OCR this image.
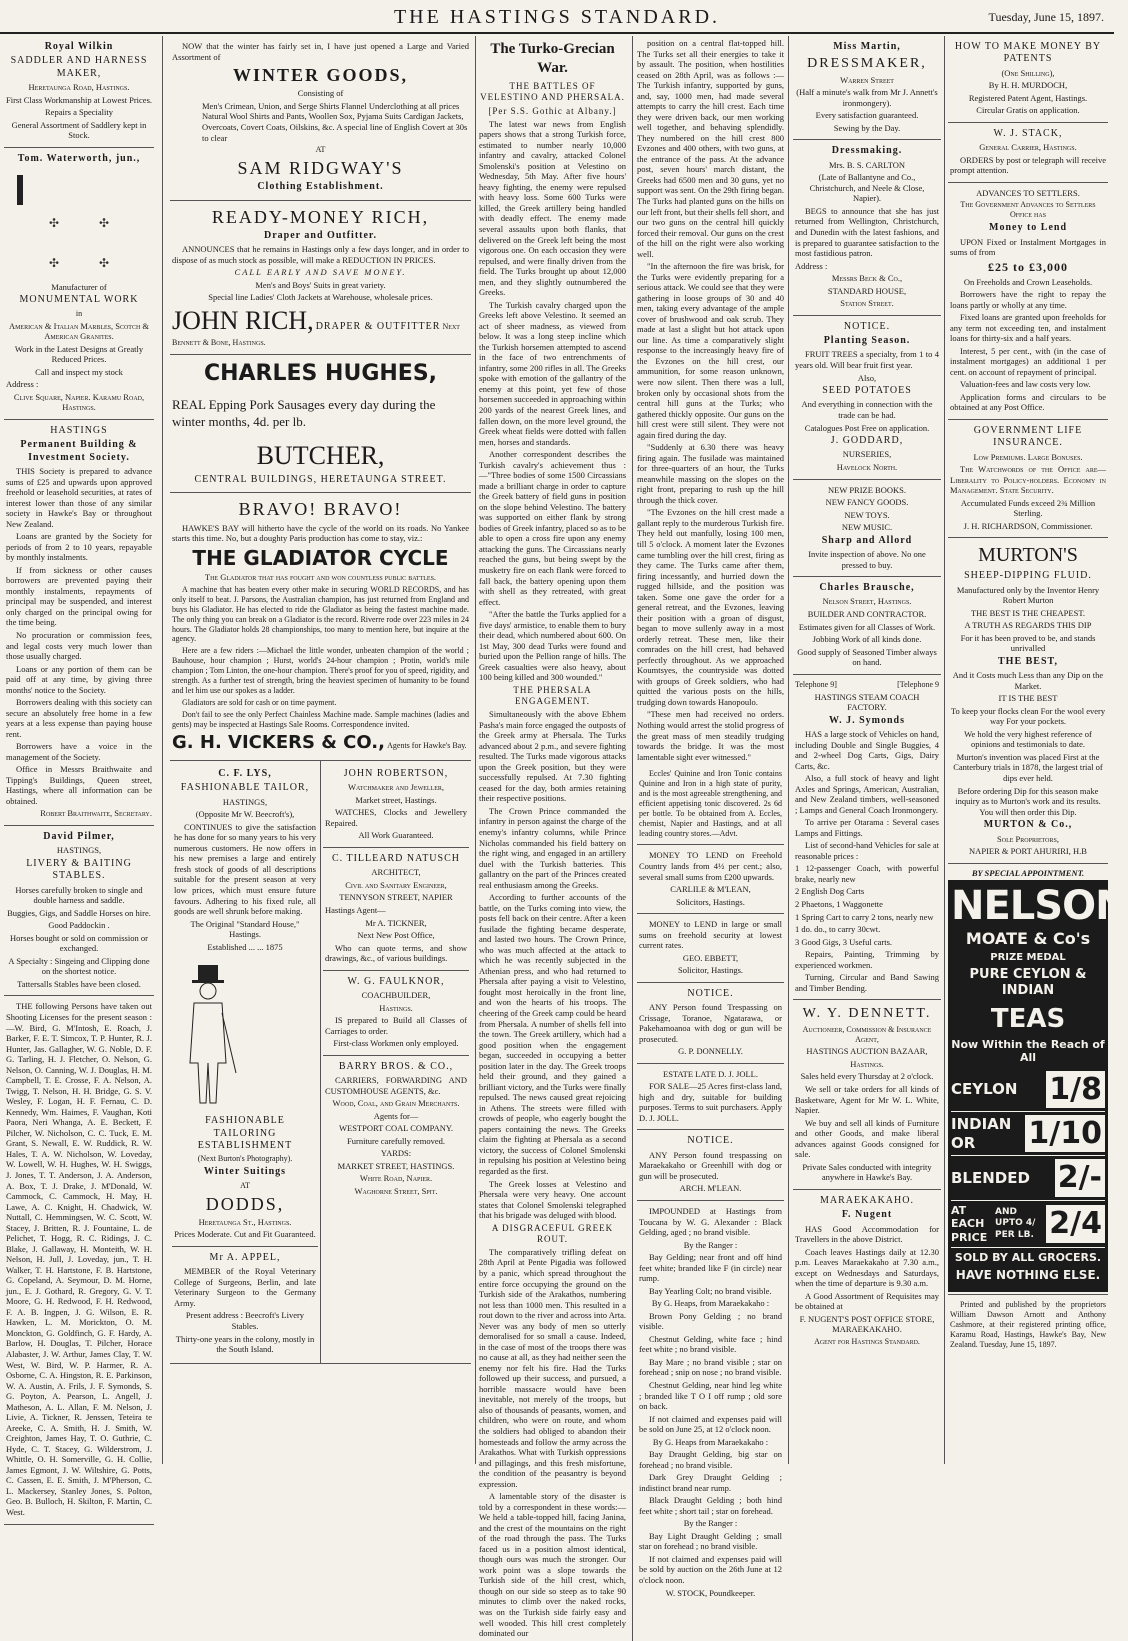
THE HASTINGS STANDARD.	Tuesday, June 15, 1897.

Royal Wilkin

SADDLER AND HARNESS MAKER,

Heretaunga Road, Hastings.

First Class Workmanship at Lowest Prices.

Repairs a Speciality

General Assortment of Saddlery kept in Stock.

Tom. Waterworth, jun.,

✣	✣
✣	✣

Manufacturer of

MONUMENTAL WORK

in

American & Italian Marbles, Scotch & American Granites.

Work in the Latest Designs at Greatly Reduced Prices.

Call and inspect my stock

Address :

Clive Square, Napier. Karamu Road, Hastings.

HASTINGS

Permanent Building & Investment Society.

THIS Society is prepared to advance sums of £25 and upwards upon approved freehold or leasehold securities, at rates of interest lower than those of any similar society in Hawke's Bay or throughout New Zealand.

Loans are granted by the Society for periods of from 2 to 10 years, repayable by monthly instalments.

If from sickness or other causes borrowers are prevented paying their monthly instalments, repayments of principal may be suspended, and interest only charged on the principal owing for the time being.

No procuration or commission fees, and legal costs very much lower than those usually charged.

Loans or any portion of them can be paid off at any time, by giving three months' notice to the Society.

Borrowers dealing with this society can secure an absolutely free home in a few years at a less expense than paying house rent.

Borrowers have a voice in the management of the Society.

Office in Messrs Braithwaite and Tipping's Buildings, Queen street, Hastings, where all information can be obtained.

Robert Braithwaite, Secretary.

David Pilmer,

HASTINGS,

LIVERY & BAITING STABLES.

Horses carefully broken to single and double harness and saddle.

Buggies, Gigs, and Saddle Horses on hire.

Good Paddockin .

Horses bought or sold on commission or exchanged.

A Specialty : Singeing and Clipping done on the shortest notice.

Tattersalls Stables have been closed.

THE following Persons have taken out Shooting Licenses for the present season :—W. Bird, G. M'Intosh, E. Roach, J. Barker, F. E. T. Simcox, T. P. Hunter, R. J. Hunter, Jas. Gallagher, W. G. Noble, D. F. G. Tarling, H. J. Fletcher, O. Nelson, G. Nelson, O. Canning, W. J. Douglas, H. M. Campbell, T. E. Crosse, F. A. Nelson, A. Twigg, T. Nelson, H. H. Bridge, G. S. V. Wesley, F. Logan, H. F. Fernau, C. D. Kennedy, Wm. Haimes, F. Vaughan, Koti Paora, Neri Whanga, A. E. Beckett, F. Pilcher, W. Nicholson, C. C. Tuck, E. M. Grant, S. Newall, E. W. Ruddick, R. W. Hales, T. A. W. Nicholson, W. Loveday, W. Lowell, W. H. Hughes, W. H. Swiggs, J. Jones, T. T. Anderson, J. A. Anderson, A. Box, T. J. Drake, J. M'Donald, W. Cammock, C. Cammock, H. May, H. Lawe, A. C. Knight, H. Chadwick, W. Nuttall, C. Hemmingsen, W. C. Scott, W. Stacey, J. Britten, R. J. Fountaine, L. de Pelichet, T. Hogg, R. C. Ridings, J. C. Blake, J. Gallaway, H. Monteith, W. H. Nelson, H. Jull, J. Loveday, jun., T. H. Walker, T. H. Hartstone, F. B. Hartstone, G. Copeland, A. Seymour, D. M. Horne, jun., E. J. Gothard, R. Gregory, G. V. T. Moore, G. H. Redwood, F. H. Redwood, F. A. B. Ingpen, J. G. Wilson, E. R. Hawken, L. M. Morickton, O. M. Monckton, G. Goldfinch, G. F. Hardy, A. Barlow, H. Douglas, T. Pilcher, Horace Alabaster, J. W. Arthur, James Clay, T. W. West, W. Bird, W. P. Harmer, R. A. Osborne, C. A. Hingston, R. E. Parkinson, W. A. Austin, A. Frils, J. F. Symonds, S. G. Poyton, A. Pearson, L. Angell, J. Matheson, A. L. Allan, F. M. Nelson, J. Livie, A. Tickner, R. Jenssen, Teteira te Areeke, C. A. Smith, H. J. Smith, W. Creighton, James Hay, T. O. Guthrie, C. Hyde, C. T. Stacey, G. Wilderstrom, J. Whittle, O. H. Somerville, G. H. Collie, James Egmont, J. W. Wiltshire, G. Potts, C. Cassen, E. E. Smith, J. M'Pherson, C. L. Mackersey, Stanley Jones, S. Polton, Geo. B. Bulloch, H. Skilton, F. Martin, C. West.

NOW that the winter has fairly set in, I have just opened a Large and Varied Assortment of

WINTER GOODS,

Consisting of

Men's Crimean, Union, and Serge Shirts Flannel Underclothing at all prices Natural Wool Shirts and Pants, Woollen Sox, Pyjama Suits Cardigan Jackets, Overcoats, Covert Coats, Oilskins, &c. A special line of English Covert at 30s to clear

AT

SAM RIDGWAY'S

Clothing Establishment.

READY-MONEY RICH,

Draper and Outfitter.

ANNOUNCES that he remains in Hastings only a few days longer, and in order to dispose of as much stock as possible, will make a REDUCTION IN PRICES.

CALL EARLY AND SAVE MONEY.

Men's and Boys' Suits in great variety.

Special line Ladies' Cloth Jackets at Warehouse, wholesale prices.

JOHN RICH, DRAPER & OUTFITTER Next Bennett & Bone, Hastings.

CHARLES HUGHES,

REAL Epping Pork Sausages every day during the winter months, 4d. per lb.

BUTCHER,

CENTRAL BUILDINGS, HERETAUNGA STREET.

BRAVO! BRAVO!

HAWKE'S BAY will hitherto have the cycle of the world on its roads. No Yankee starts this time. No, but a doughty Paris production has come to stay, viz.:

THE GLADIATOR CYCLE

The Gladiator that has fought and won countless public battles.

A machine that has beaten every other make in securing WORLD RECORDS, and has only itself to beat. J. Parsons, the Australian champion, has just returned from England and buys his Gladiator. He has elected to ride the Gladiator as being the fastest machine made. The only thing you can break on a Gladiator is the record. Riverre rode over 223 miles in 24 hours. The Gladiator holds 28 championships, too many to mention here, but inquire at the agency.

Here are a few riders :—Michael the little wonder, unbeaten champion of the world ; Bauhouse, hour champion ; Hurst, world's 24-hour champion ; Protin, world's mile champion ; Tom Linton, the one-hour champion. There's proof for you of speed, rigidity, and strength. As a further test of strength, bring the heaviest specimen of humanity to be found and let him use our spokes as a ladder.

Gladiators are sold for cash or on time payment.

Don't fail to see the only Perfect Chainless Machine made. Sample machines (ladies and gents) may be inspected at Hastings Sale Rooms. Correspondence invited.

G. H. VICKERS & CO., Agents for Hawke's Bay.

C. F. LYS,

FASHIONABLE TAILOR,

HASTINGS,

(Opposite Mr W. Beecroft's),

CONTINUES to give the satisfaction he has done for so many years to his very numerous customers. He now offers in his new premises a large and entirely fresh stock of goods of all descriptions suitable for the present season at very low prices, which must ensure future favours. Adhering to his fixed rule, all goods are well shrunk before making.

The Original "Standard House," Hastings.

Established ... ... 1875

FASHIONABLE TAILORING ESTABLISHMENT

(Next Burton's Photography).

Winter Suitings

AT

DODDS,

Heretaunga St., Hastings.

Prices Moderate. Cut and Fit Guaranteed.

Mr A. APPEL,

MEMBER of the Royal Veterinary College of Surgeons, Berlin, and late Veterinary Surgeon to the Germany Army.

Present address : Beecroft's Livery Stables.

Thirty-one years in the colony, mostly in the South Island.

JOHN ROBERTSON,

Watchmaker and Jeweller,

Market street, Hastings.

WATCHES, Clocks and Jewellery Repaired.

All Work Guaranteed.

C. TILLEARD NATUSCH

ARCHITECT,

Civil and Sanitary Engineer,

TENNYSON STREET, NAPIER

Hastings Agent—

Mr A. TICKNER,

Next New Post Office,

Who can quote terms, and show drawings, &c., of various buildings.

W. G. FAULKNOR,

COACHBUILDER,

Hastings.

IS prepared to Build all Classes of Carriages to order.

First-class Workmen only employed.

BARRY BROS. & CO.,

CARRIERS, FORWARDING AND CUSTOMHOUSE AGENTS, &c.

Wood, Coal, and Grain Merchants.

Agents for—

WESTPORT COAL COMPANY.

Furniture carefully removed.

YARDS:

MARKET STREET, HASTINGS.

White Road, Napier.

Waghorne Street, Spit.

The Turko-Grecian War.

THE BATTLES OF VELESTINO AND PHERSALA.

[Per S.S. Gothic at Albany.]

The latest war news from English papers shows that a strong Turkish force, estimated to number nearly 10,000 infantry and cavalry, attacked Colonel Smolenski's position at Velestino on Wednesday, 5th May. After five hours' heavy fighting, the enemy were repulsed with heavy loss. Some 600 Turks were killed, the Greek artillery being handled with deadly effect. The enemy made several assaults upon both flanks, that delivered on the Greek left being the most vigorous one. On each occasion they were repulsed, and were finally driven from the field. The Turks brought up about 12,000 men, and they slightly outnumbered the Greeks.

The Turkish cavalry charged upon the Greeks left above Velestino. It seemed an act of sheer madness, as viewed from below. It was a long steep incline which the Turkish horsemen attempted to ascend in the face of two entrenchments of infantry, some 200 rifles in all. The Greeks spoke with emotion of the gallantry of the enemy at this point, yet few of those horsemen succeeded in approaching within 200 yards of the nearest Greek lines, and fallen down, on the more level ground, the Greek wheat fields were dotted with fallen men, horses and standards.

Another correspondent describes the Turkish cavalry's achievement thus :—"Three bodies of some 1500 Circassians made a brilliant charge in order to capture the Greek battery of field guns in position on the slope behind Velestino. The battery was supported on either flank by strong bodies of Greek infantry, placed so as to be able to open a cross fire upon any enemy attacking the guns. The Circassians nearly reached the guns, but being swept by the musketry fire on each flank were forced to fall back, the battery opening upon them with shell as they retreated, with great effect.

"After the battle the Turks applied for a five days' armistice, to enable them to bury their dead, which numbered about 600. On 1st May, 300 dead Turks were found and buried upon the Pellion range of hills. The Greek casualties were also heavy, about 100 being killed and 300 wounded."

THE PHERSALA ENGAGEMENT.

Simultaneously with the above Ebhem Pasha's main force engaged the outposts of the Greek army at Phersala. The Turks advanced about 2 p.m., and severe fighting resulted. The Turks made vigorous attacks upon the Greek position, but they were successfully repulsed. At 7.30 fighting ceased for the day, both armies retaining their respective positions.

The Crown Prince commanded the infantry in person against the charge of the enemy's infantry columns, while Prince Nicholas commanded his field battery on the right wing, and engaged in an artillery duel with the Turkish batteries. This gallantry on the part of the Princes created real enthusiasm among the Greeks.

According to further accounts of the battle, on the Turks coming into view, the posts fell back on their centre. After a keen fusilade the fighting became desperate, and lasted two hours. The Crown Prince, who was much affected at the attack to which he was recently subjected in the Athenian press, and who had returned to Phersala after paying a visit to Velestino, fought most heroically in the front line, and won the hearts of his troops. The cheering of the Greek camp could be heard from Phersala. A number of shells fell into the town. The Greek artillery, which had a good position when the engagement began, succeeded in occupying a better position later in the day. The Greek troops held their ground, and they gained a brilliant victory, and the Turks were finally repulsed. The news caused great rejoicing in Athens. The streets were filled with crowds of people, who eagerly bought the papers containing the news. The Greeks claim the fighting at Phersala as a second victory, the success of Colonel Smolenski in repulsing his position at Velestino being regarded as the first.

The Greek losses at Velestino and Phersala were very heavy. One account states that Colonel Smolenski telegraphed that his brigade was deluged with blood.

A DISGRACEFUL GREEK ROUT.

The comparatively trifling defeat on 28th April at Pente Pigadia was followed by a panic, which spread throughout the entire force occupying the ground on the Turkish side of the Arakathos, numbering not less than 1000 men. This resulted in a rout down to the river and across into Arta. Never was any body of men so utterly demoralised for so small a cause. Indeed, in the case of most of the troops there was no cause at all, as they had neither seen the enemy nor felt his fire. Had the Turks followed up their success, and pursued, a horrible massacre would have been inevitable, not merely of the troops, but also of thousands of peasants, women, and children, who were on route, and whom the soldiers had obliged to abandon their homesteads and follow the army across the Arakathos. What with Turkish oppressions and pillagings, and this fresh misfortune, the condition of the peasantry is beyond expression.

A lamentable story of the disaster is told by a correspondent in these words:—We held a table-topped hill, facing Janina, and the crest of the mountains on the right of the road through the pass. The Turks faced us in a position almost identical, though ours was much the stronger. Our work point was a slope towards the Turkish side of the hill crest, which, though on our side so steep as to take 90 minutes to climb over the naked rocks, was on the Turkish side fairly easy and well wooded. This hill crest completely dominated our

position on a central flat-topped hill. The Turks set all their energies to take it by assault. The position, when hostilities ceased on 28th April, was as follows :—The Turkish infantry, supported by guns, and, say, 1000 men, had made several attempts to carry the hill crest. Each time they were driven back, our men working well together, and behaving splendidly. They numbered on the hill crest 800 Evzones and 400 others, with two guns, at the entrance of the pass. At the advance post, seven hours' march distant, the Greeks had 6500 men and 30 guns, yet no support was sent. On the 29th firing began. The Turks had planted guns on the hills on our left front, but their shells fell short, and our two guns on the central hill quickly forced their removal. Our guns on the crest of the hill on the right were also working well.

"In the afternoon the fire was brisk, for the Turks were evidently preparing for a serious attack. We could see that they were gathering in loose groups of 30 and 40 men, taking every advantage of the ample cover of brushwood and oak scrub. They made at last a slight but hot attack upon our line. As time a comparatively slight response to the increasingly heavy fire of the Evzones on the hill crest, our ammunition, for some reason unknown, were now silent. Then there was a lull, broken only by occasional shots from the central hill guns at the Turks; who gathered thickly opposite. Our guns on the hill crest were still silent. They were not again fired during the day.

"Suddenly at 6.30 there was heavy firing again. The fusilade was maintained for three-quarters of an hour, the Turks meanwhile massing on the slopes on the right front, preparing to rush up the hill through the thick cover.

"The Evzones on the hill crest made a gallant reply to the murderous Turkish fire. They held out manfully, losing 100 men, till 5 o'clock. A moment later the Evzones came tumbling over the hill crest, firing as they came. The Turks came after them, firing incessantly, and hurried down the rugged hillside, and the position was taken. Some one gave the order for a general retreat, and the Evzones, leaving their position with a groan of disgust, began to move sullenly away in a most orderly retreat. These men, like their comrades on the hill crest, had behaved perfectly throughout. As we approached Koumtsyes, the countryside was dotted with groups of Greek soldiers, who had quitted the various posts on the hills, trudging down towards Hanopoulo.

"These men had received no orders. Nothing would arrest the stolid progress of the great mass of men steadily trudging towards the bridge. It was the most lamentable sight ever witnessed."

Eccles' Quinine and Iron Tonic contains Quinine and Iron in a high state of purity, and is the most agreeable strengthening, and efficient appetising tonic discovered. 2s 6d per bottle. To be obtained from A. Eccles, chemist, Napier and Hastings, and at all leading country stores.—Advt.

MONEY TO LEND on Freehold Country lands from 4½ per cent.; also, several small sums from £200 upwards.

CARLILE & M'LEAN,

Solicitors, Hastings.

MONEY to LEND in large or small sums on freehold security at lowest current rates.

GEO. EBBETT,

Solicitor, Hastings.

NOTICE.

ANY Person found Trespassing on Crissage, Toranoe, Ngatarawa, or Pakehamoanoa with dog or gun will be prosecuted.

G. P. DONNELLY.

ESTATE LATE D. J. JOLL.

FOR SALE—25 Acres first-class land, high and dry, suitable for building purposes. Terms to suit purchasers. Apply D. J. JOLL.

NOTICE.

ANY Person found trespassing on Maraekakaho or Greenhill with dog or gun will be prosecuted.

ARCH. M'LEAN.

IMPOUNDED at Hastings from Toucana by W. G. Alexander : Black Gelding, aged ; no brand visible.

By the Ranger :

Bay Gelding; near front and off hind feet white; branded like F (in circle) near rump.

Bay Yearling Colt; no brand visible.

By G. Heaps, from Maraekakaho :

Brown Pony Gelding ; no brand visible.

Chestnut Gelding, white face ; hind feet white ; no brand visible.

Bay Mare ; no brand visible ; star on forehead ; snip on nose ; no brand visible.

Chestnut Gelding, near hind leg white ; branded like T O I off rump ; old sore on back.

If not claimed and expenses paid will be sold on June 25, at 12 o'clock noon.

By G. Heaps from Maraekakaho :

Bay Draught Gelding, big star on forehead ; no brand visible.

Dark Grey Draught Gelding ; indistinct brand near rump.

Black Draught Gelding ; both hind feet white ; short tail ; star on forehead.

By the Ranger :

Bay Light Draught Gelding ; small star on forehead ; no brand visible.

If not claimed and expenses paid will be sold by auction on the 26th June at 12 o'clock noon.

W. STOCK, Poundkeeper.

Miss Martin,

DRESSMAKER,

Warren Street

(Half a minute's walk from Mr J. Annett's ironmongery).

Every satisfaction guaranteed.

Sewing by the Day.

Dressmaking.

Mrs. B. S. CARLTON

(Late of Ballantyne and Co., Christchurch, and Neele & Close, Napier).

BEGS to announce that she has just returned from Wellington, Christchurch, and Dunedin with the latest fashions, and is prepared to guarantee satisfaction to the most fastidious patron.

Address :

Messrs Beck & Co.,

STANDARD HOUSE,

Station Street.

NOTICE.

Planting Season.

FRUIT TREES a specialty, from 1 to 4 years old. Will bear fruit first year.

Also,

SEED POTATOES

And everything in connection with the trade can be had.

Catalogues Post Free on application.

J. GODDARD,

NURSERIES,

Havelock North.

NEW PRIZE BOOKS.

NEW FANCY GOODS.

NEW TOYS.

NEW MUSIC.

Sharp and Allord

Invite inspection of above. No one pressed to buy.

Charles Brausche,

Nelson Street, Hastings.

BUILDER AND CONTRACTOR.

Estimates given for all Classes of Work.

Jobbing Work of all kinds done.

Good supply of Seasoned Timber always on hand.

Telephone 9]	[Telephone 9

HASTINGS STEAM COACH FACTORY.

W. J. Symonds

HAS a large stock of Vehicles on hand, including Double and Single Buggies, 4 and 2-wheel Dog Carts, Gigs, Dairy Carts, &c.

Also, a full stock of heavy and light Axles and Springs, American, Australian, and New Zealand timbers, well-seasoned ; Lamps and General Coach Ironmongery.

To arrive per Otarama : Several cases Lamps and Fittings.

List of second-hand Vehicles for sale at reasonable prices :

1 12-passenger Coach, with powerful brake, nearly new

2 English Dog Carts

2 Phaetons, 1 Waggonette

1 Spring Cart to carry 2 tons, nearly new

1 do. do., to carry 30cwt.

3 Good Gigs, 3 Useful carts.

Repairs, Painting, Trimming by experienced workmen.

Turning, Circular and Band Sawing and Timber Bending.

W. Y. DENNETT.

Auctioneer, Commission & Insurance Agent,

HASTINGS AUCTION BAZAAR,

Hastings.

Sales held every Thursday at 2 o'clock.

We sell or take orders for all kinds of Basketware, Agent for Mr W. L. White, Napier.

We buy and sell all kinds of Furniture and other Goods, and make liberal advances against Goods consigned for sale.

Private Sales conducted with integrity anywhere in Hawke's Bay.

MARAEKAKAHO.

F. Nugent

HAS Good Accommodation for Travellers in the above District.

Coach leaves Hastings daily at 12.30 p.m. Leaves Maraekakaho at 7.30 a.m., except on Wednesdays and Saturdays, when the time of departure is 9.30 a.m.

A Good Assortment of Requisites may be obtained at

F. NUGENT'S POST OFFICE STORE, MARAEKAKAHO.

Agent for Hastings Standard.

HOW TO MAKE MONEY BY PATENTS

(One Shilling),

By H. H. MURDOCH,

Registered Patent Agent, Hastings.

Circular Gratis on application.

W. J. STACK,

General Carrier, Hastings.

ORDERS by post or telegraph will receive prompt attention.

ADVANCES TO SETTLERS.

The Government Advances to Settlers Office has

Money to Lend

UPON Fixed or Instalment Mortgages in sums of from

£25 to £3,000

On Freeholds and Crown Leaseholds.

Borrowers have the right to repay the loans partly or wholly at any time.

Fixed loans are granted upon freeholds for any term not exceeding ten, and instalment loans for thirty-six and a half years.

Interest, 5 per cent., with (in the case of instalment mortgages) an additional 1 per cent. on account of repayment of principal.

Valuation-fees and law costs very low.

Application forms and circulars to be obtained at any Post Office.

GOVERNMENT LIFE INSURANCE.

Low Premiums. Large Bonuses.

The Watchwords of the Office are— Liberality to Policy-holders. Economy in Management. State Security.

Accumulated Funds exceed 2¾ Million Sterling.

J. H. RICHARDSON, Commissioner.

MURTON'S

SHEEP-DIPPING FLUID.

Manufactured only by the Inventor Henry Robert Murton

THE BEST IS THE CHEAPEST.

A TRUTH AS REGARDS THIS DIP

For it has been proved to be, and stands unrivalled

THE BEST,

And it Costs much Less than any Dip on the Market.

IT IS THE BEST

To keep your flocks clean For the wool every way For your pockets.

We hold the very highest reference of opinions and testimonials to date.

Murton's invention was placed First at the Canterbury trials in 1878, the largest trial of dips ever held.

Before ordering Dip for this season make inquiry as to Murton's work and its results. You will then order this Dip.

MURTON & Co.,

Sole Proprietors,

NAPIER & PORT AHURIRI, H.B

BY SPECIAL APPOINTMENT.

NELSON
MOATE & Co's
PRIZE MEDAL
PURE CEYLON & INDIAN
TEAS
Now Within the Reach of All
CEYLON 1/8
INDIAN OR	1/10
BLENDED 2/-
AT EACH PRICE
AND UPTO 4/ PER LB. 2/4
SOLD BY ALL GROCERS.
HAVE NOTHING ELSE.

Printed and published by the proprietors William Dawson Arnott and Anthony Cashmore, at their registered printing office, Karamu Road, Hastings, Hawke's Bay, New Zealand. Tuesday, June 15, 1897.
